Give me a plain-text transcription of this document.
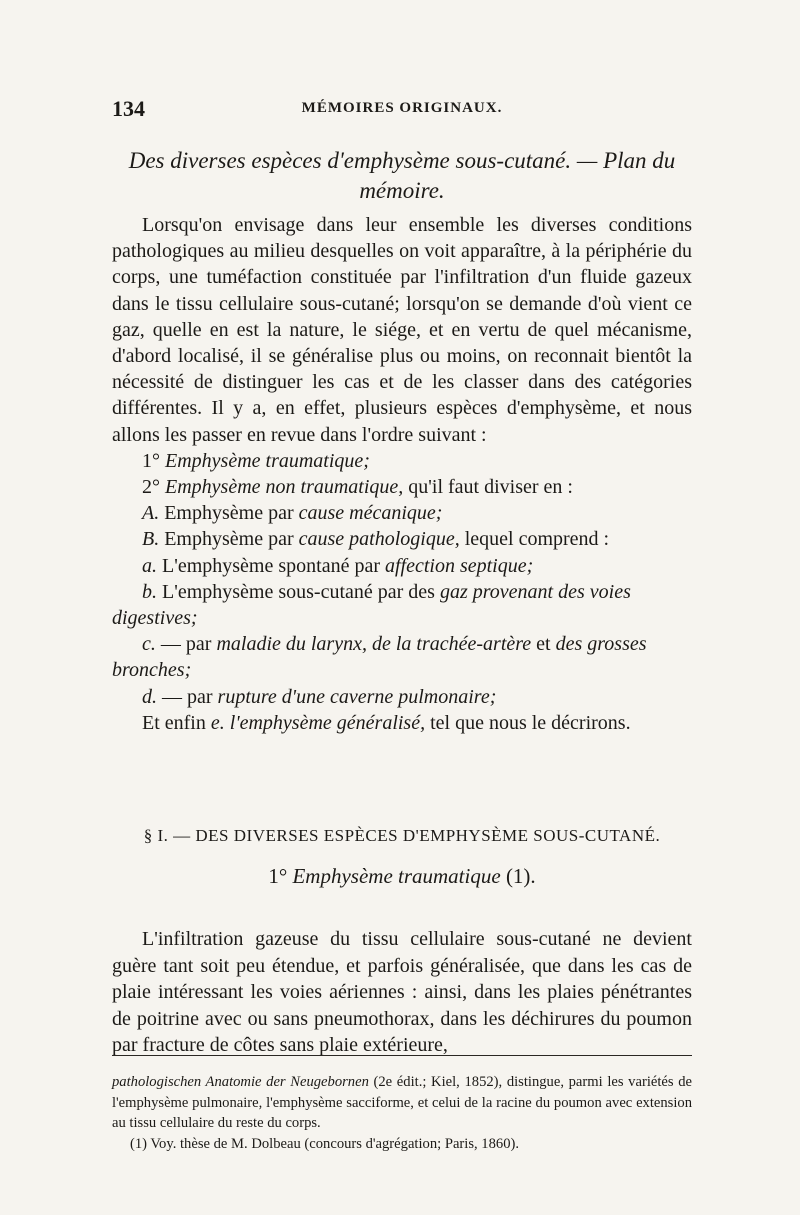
134	MÉMOIRES ORIGINAUX.
Des diverses espèces d'emphysème sous-cutané. — Plan du mémoire.

Lorsqu'on envisage dans leur ensemble les diverses conditions pathologiques au milieu desquelles on voit apparaître, à la périphérie du corps, une tuméfaction constituée par l'infiltration d'un fluide gazeux dans le tissu cellulaire sous-cutané; lorsqu'on se demande d'où vient ce gaz, quelle en est la nature, le siége, et en vertu de quel mécanisme, d'abord localisé, il se généralise plus ou moins, on reconnait bientôt la nécessité de distinguer les cas et de les classer dans des catégories différentes. Il y a, en effet, plusieurs espèces d'emphysème, et nous allons les passer en revue dans l'ordre suivant :

1° Emphysème traumatique;

2° Emphysème non traumatique, qu'il faut diviser en :

A. Emphysème par cause mécanique;

B. Emphysème par cause pathologique, lequel comprend :

a. L'emphysème spontané par affection septique;

b. L'emphysème sous-cutané par des gaz provenant des voies digestives;

c. — par maladie du larynx, de la trachée-artère et des grosses bronches;

d. — par rupture d'une caverne pulmonaire;

Et enfin e. l'emphysème généralisé, tel que nous le décrirons.

§ I. — DES DIVERSES ESPÈCES D'EMPHYSÈME SOUS-CUTANÉ.
1° Emphysème traumatique (1).

L'infiltration gazeuse du tissu cellulaire sous-cutané ne devient guère tant soit peu étendue, et parfois généralisée, que dans les cas de plaie intéressant les voies aériennes : ainsi, dans les plaies pénétrantes de poitrine avec ou sans pneumothorax, dans les déchirures du poumon par fracture de côtes sans plaie extérieure,

pathologischen Anatomie der Neugebornen (2e édit.; Kiel, 1852), distingue, parmi les variétés de l'emphysème pulmonaire, l'emphysème sacciforme, et celui de la racine du poumon avec extension au tissu cellulaire du reste du corps.

(1) Voy. thèse de M. Dolbeau (concours d'agrégation; Paris, 1860).
